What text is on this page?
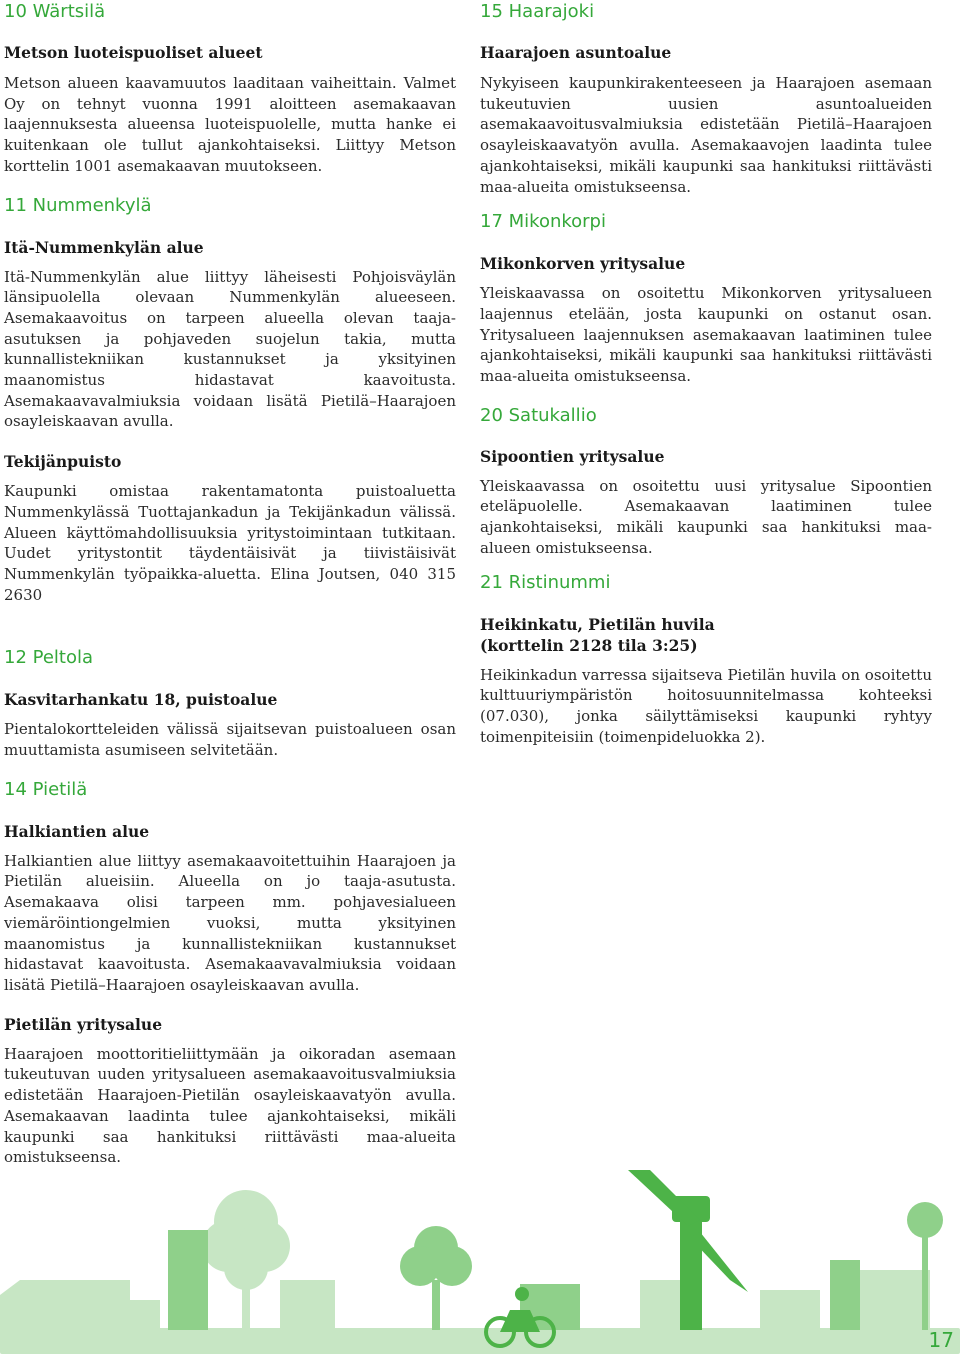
10 Wärtsilä
Metson luoteispuoliset alueet

Metson alueen kaavamuutos laaditaan vaiheittain. Valmet Oy on tehnyt vuonna 1991 aloitteen asemakaavan laajennuksesta alueensa luoteispuolelle, mutta hanke ei kuitenkaan ole tullut ajankohtaiseksi. Liittyy Metson korttelin 1001 asemakaavan muutokseen.

11 Nummenkylä
Itä-Nummenkylän alue

Itä-Nummenkylän alue liittyy läheisesti Pohjoisväylän länsipuolella olevaan Nummenkylän alueeseen. Asemakaavoitus on tarpeen alueella olevan taaja-asutuksen ja pohjaveden suojelun takia, mutta kunnallistekniikan kustannukset ja yksityinen maanomistus hidastavat kaavoitusta. Asemakaavavalmiuksia voidaan lisätä Pietilä–Haarajoen osayleiskaavan avulla.

Tekijänpuisto

Kaupunki omistaa rakentamatonta puistoaluetta Nummenkylässä Tuottajankadun ja Tekijänkadun välissä. Alueen käyttömahdollisuuksia yritystoimintaan tutkitaan. Uudet yritystontit täydentäisivät ja tiivistäisivät Nummenkylän työpaikka-aluetta. Elina Joutsen, 040 315 2630

12 Peltola
Kasvitarhankatu 18, puistoalue

Pientalokortteleiden välissä sijaitsevan puistoalueen osan muuttamista asumiseen selvitetään.

14 Pietilä
Halkiantien alue

Halkiantien alue liittyy asemakaavoitettuihin Haarajoen ja Pietilän alueisiin. Alueella on jo taaja-asutusta. Asemakaava olisi tarpeen mm. pohjavesialueen viemäröintiongelmien vuoksi, mutta yksityinen maanomistus ja kunnallistekniikan kustannukset hidastavat kaavoitusta. Asemakaavavalmiuksia voidaan lisätä Pietilä–Haarajoen osayleiskaavan avulla.

Pietilän yritysalue

Haarajoen moottoritieliittymään ja oikoradan asemaan tukeutuvan uuden yritysalueen asemakaavoitusvalmiuksia edistetään Haarajoen-Pietilän osayleiskaavatyön avulla. Asemakaavan laadinta tulee ajankohtaiseksi, mikäli kaupunki saa hankituksi riittävästi maa-alueita omistukseensa.

15 Haarajoki
Haarajoen asuntoalue

Nykyiseen kaupunkirakenteeseen ja Haarajoen asemaan tukeutuvien uusien asuntoalueiden asemakaavoitusvalmiuksia edistetään Pietilä–Haarajoen osayleiskaavatyön avulla. Asemakaavojen laadinta tulee ajankohtaiseksi, mikäli kaupunki saa hankituksi riittävästi maa-alueita omistukseensa.

17 Mikonkorpi
Mikonkorven yritysalue

Yleiskaavassa on osoitettu Mikonkorven yritysalueen laajennus etelään, josta kaupunki on ostanut osan. Yritysalueen laajennuksen asemakaavan laatiminen tulee ajankohtaiseksi, mikäli kaupunki saa hankituksi riittävästi maa-alueita omistukseensa.

20 Satukallio
Sipoontien yritysalue

Yleiskaavassa on osoitettu uusi yritysalue Sipoontien eteläpuolelle. Asemakaavan laatiminen tulee ajankohtaiseksi, mikäli kaupunki saa hankituksi maa-alueen omistukseensa.

21 Ristinummi
Heikinkatu, Pietilän huvila
(korttelin 2128 tila 3:25)

Heikinkadun varressa sijaitseva Pietilän huvila on osoitettu kulttuuriympäristön hoitosuunnitelmassa kohteeksi (07.030), jonka säilyttämiseksi kaupunki ryhtyy toimenpiteisiin (toimenpideluokka 2).

17
